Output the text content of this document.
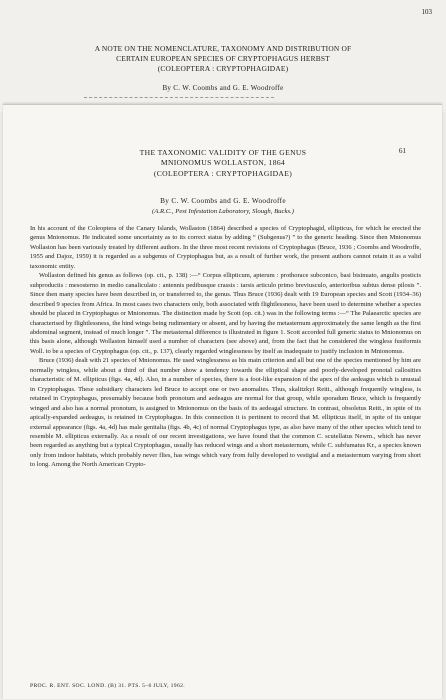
103
A NOTE ON THE NOMENCLATURE, TAXONOMY AND DISTRIBUTION OF
CERTAIN EUROPEAN SPECIES OF CRYPTOPHAGUS HERBST
(COLEOPTERA : CRYPTOPHAGIDAE)
By C. W. Coombs and G. E. Woodroffe
61
THE TAXONOMIC VALIDITY OF THE GENUS
MNIONOMUS WOLLASTON, 1864
(COLEOPTERA : CRYPTOPHAGIDAE)
By C. W. Coombs and G. E. Woodroffe
(A.R.C., Pest Infestation Laboratory, Slough, Bucks.)

In his account of the Coleoptera of the Canary Islands, Wollaston (1864) described a species of Cryptophagid, ellipticus, for which he erected the genus Mnionomus. He indicated some uncertainty as to its correct status by adding “ (Subgenus?) ” to the generic heading. Since then Mnionomus Wollaston has been variously treated by different authors. In the three most recent revisions of Cryptophagus (Bruce, 1936 ; Coombs and Woodroffe, 1955 and Dajoz, 1959) it is regarded as a subgenus of Cryptophagus but, as a result of further work, the present authors cannot retain it as a valid taxonomic entity.

Wollaston defined his genus as follows (op. cit., p. 138) :—“ Corpus ellipticum, apterum : prothorace subconico, basi bisinuato, angulis posticis subproductis : mesosterno in medio canaliculato : antennis pedibusque crassis : tarsis articulo primo breviusculo, anterioribus subtus dense pilosis ”. Since then many species have been described in, or transferred to, the genus. Thus Bruce (1936) dealt with 19 European species and Scott (1934–36) described 9 species from Africa. In most cases two characters only, both associated with flightlessness, have been used to determine whether a species should be placed in Cryptophagus or Mnionomus. The distinction made by Scott (op. cit.) was in the following terms :—“ The Palaearctic species are characterised by flightlessness, the hind wings being rudimentary or absent, and by having the metasternum approximately the same length as the first abdominal segment, instead of much longer ”. The metasternal difference is illustrated in figure 1. Scott accorded full generic status to Mnionomus on this basis alone, although Wollaston himself used a number of characters (see above) and, from the fact that he considered the wingless fusiformis Woll. to be a species of Cryptophagus (op. cit., p. 137), clearly regarded winglessness by itself as inadequate to justify inclusion in Mnionomus.

Bruce (1936) dealt with 21 species of Mnionomus. He used winglessness as his main criterion and all but one of the species mentioned by him are normally wingless, while about a third of that number show a tendency towards the elliptical shape and poorly-developed pronotal callosities characteristic of M. ellipticus (figs. 4a, 4d). Also, in a number of species, there is a foot-like expansion of the apex of the aedeagus which is unusual in Cryptophagus. These subsidiary characters led Bruce to accept one or two anomalies. Thus, skalitzkyi Reitt., although frequently wingless, is retained in Cryptophagus, presumably because both pronotum and aedeagus are normal for that group, while sporadum Bruce, which is frequently winged and also has a normal pronotum, is assigned to Mnionomus on the basis of its aedeagal structure. In contrast, obsoletus Reitt., in spite of its apically-expanded aedeagus, is retained in Cryptophagus. In this connection it is pertinent to record that M. ellipticus itself, in spite of its unique external appearance (figs. 4a, 4d) has male genitalia (figs. 4b, 4c) of normal Cryptophagus type, as also have many of the other species which tend to resemble M. ellipticus externally. As a result of our recent investigations, we have found that the common C. scutellatus Newm., which has never been regarded as anything but a typical Cryptophagus, usually has reduced wings and a short metasternum, while C. subfumatus Kr., a species known only from indoor habitats, which probably never flies, has wings which vary from fully developed to vestigial and a metasternum varying from short to long. Among the North American Crypto-

PROC. R. ENT. SOC. LOND. (B) 31. PTS. 5–6 JULY, 1962.
